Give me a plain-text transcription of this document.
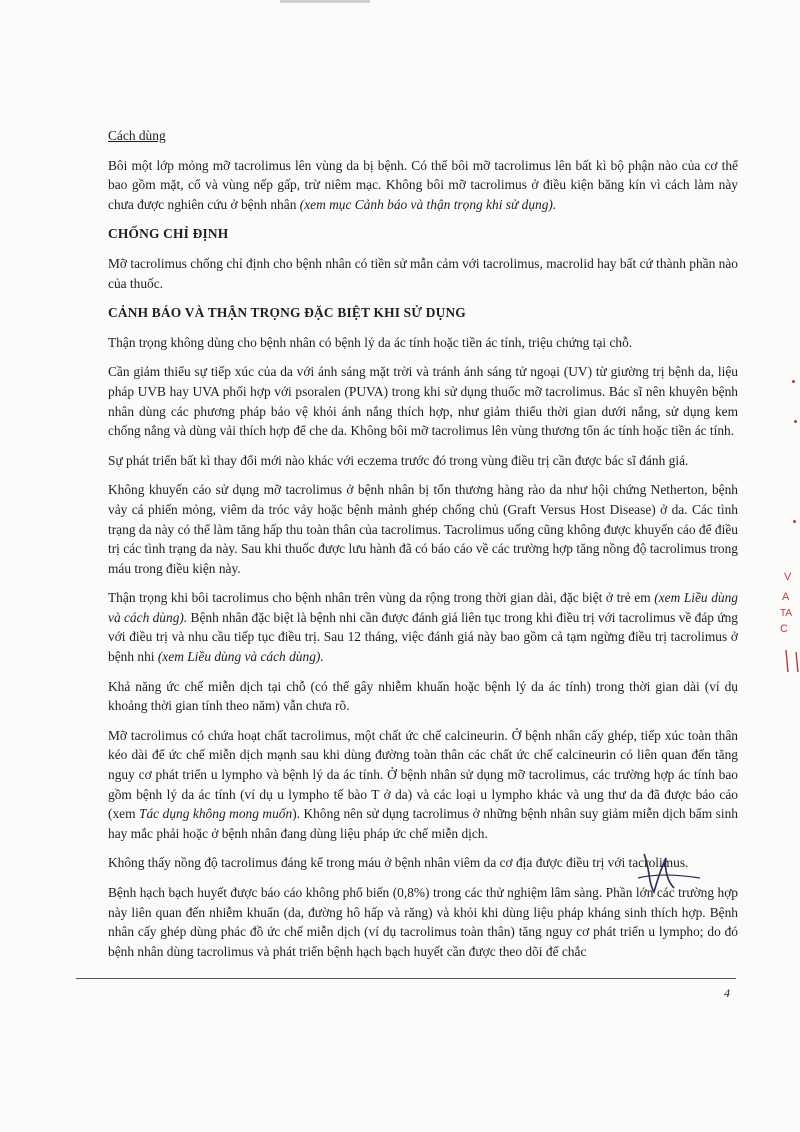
Cách dùng

Bôi một lớp mỏng mỡ tacrolimus lên vùng da bị bệnh. Có thể bôi mỡ tacrolimus lên bất kì bộ phận nào của cơ thể bao gồm mặt, cổ và vùng nếp gấp, trừ niêm mạc. Không bôi mỡ tacrolimus ở điều kiện băng kín vì cách làm này chưa được nghiên cứu ở bệnh nhân (xem mục Cảnh báo và thận trọng khi sử dụng).

CHỐNG CHỈ ĐỊNH

Mỡ tacrolimus chống chỉ định cho bệnh nhân có tiền sử mẫn cảm với tacrolimus, macrolid hay bất cứ thành phần nào của thuốc.

CẢNH BÁO VÀ THẬN TRỌNG ĐẶC BIỆT KHI SỬ DỤNG

Thận trọng không dùng cho bệnh nhân có bệnh lý da ác tính hoặc tiền ác tính, triệu chứng tại chỗ.

Cần giảm thiểu sự tiếp xúc của da với ánh sáng mặt trời và tránh ánh sáng tử ngoại (UV) từ giường trị bệnh da, liệu pháp UVB hay UVA phối hợp với psoralen (PUVA) trong khi sử dụng thuốc mỡ tacrolimus. Bác sĩ nên khuyên bệnh nhân dùng các phương pháp bảo vệ khỏi ánh nắng thích hợp, như giảm thiểu thời gian dưới nắng, sử dụng kem chống nắng và dùng vải thích hợp để che da. Không bôi mỡ tacrolimus lên vùng thương tổn ác tính hoặc tiền ác tính.

Sự phát triển bất kì thay đổi mới nào khác với eczema trước đó trong vùng điều trị cần được bác sĩ đánh giá.

Không khuyến cáo sử dụng mỡ tacrolimus ở bệnh nhân bị tổn thương hàng rào da như hội chứng Netherton, bệnh vảy cá phiến mỏng, viêm da tróc vảy hoặc bệnh mảnh ghép chống chủ (Graft Versus Host Disease) ở da. Các tình trạng da này có thể làm tăng hấp thu toàn thân của tacrolimus. Tacrolimus uống cũng không được khuyến cáo để điều trị các tình trạng da này. Sau khi thuốc được lưu hành đã có báo cáo về các trường hợp tăng nồng độ tacrolimus trong máu trong điều kiện này.

Thận trọng khi bôi tacrolimus cho bệnh nhân trên vùng da rộng trong thời gian dài, đặc biệt ở trẻ em (xem Liều dùng và cách dùng). Bệnh nhân đặc biệt là bệnh nhi cần được đánh giá liên tục trong khi điều trị với tacrolimus về đáp ứng với điều trị và nhu cầu tiếp tục điều trị. Sau 12 tháng, việc đánh giá này bao gồm cả tạm ngừng điều trị tacrolimus ở bệnh nhi (xem Liều dùng và cách dùng).

Khả năng ức chế miễn dịch tại chỗ (có thể gây nhiễm khuẩn hoặc bệnh lý da ác tính) trong thời gian dài (ví dụ khoảng thời gian tính theo năm) vẫn chưa rõ.

Mỡ tacrolimus có chứa hoạt chất tacrolimus, một chất ức chế calcineurin. Ở bệnh nhân cấy ghép, tiếp xúc toàn thân kéo dài để ức chế miễn dịch mạnh sau khi dùng đường toàn thân các chất ức chế calcineurin có liên quan đến tăng nguy cơ phát triển u lympho và bệnh lý da ác tính. Ở bệnh nhân sử dụng mỡ tacrolimus, các trường hợp ác tính bao gồm bệnh lý da ác tính (ví dụ u lympho tế bào T ở da) và các loại u lympho khác và ung thư da đã được báo cáo (xem Tác dụng không mong muốn). Không nên sử dụng tacrolimus ở những bệnh nhân suy giảm miễn dịch bẩm sinh hay mắc phải hoặc ở bệnh nhân đang dùng liệu pháp ức chế miễn dịch.

Không thấy nồng độ tacrolimus đáng kể trong máu ở bệnh nhân viêm da cơ địa được điều trị với tacrolimus.

Bệnh hạch bạch huyết được báo cáo không phổ biến (0,8%) trong các thử nghiệm lâm sàng. Phần lớn các trường hợp này liên quan đến nhiễm khuẩn (da, đường hô hấp và răng) và khỏi khi dùng liệu pháp kháng sinh thích hợp. Bệnh nhân cấy ghép dùng phác đồ ức chế miễn dịch (ví dụ tacrolimus toàn thân) tăng nguy cơ phát triển u lympho; do đó bệnh nhân dùng tacrolimus và phát triển bệnh hạch bạch huyết cần được theo dõi để chắc

4
V
A
TA
C
